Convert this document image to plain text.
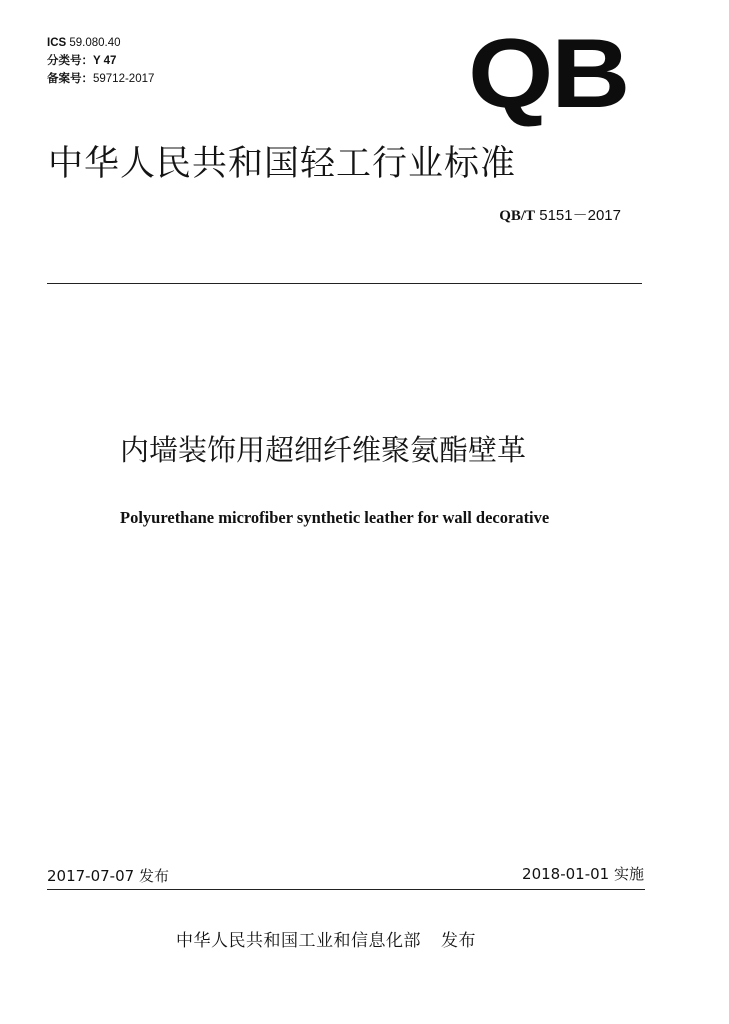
ICS 59.080.40
分类号：Y 47
备案号：59712-2017	QB
中华人民共和国轻工行业标准
QB/T 5151－2017
内墙装饰用超细纤维聚氨酯壁革
Polyurethane microfiber synthetic leather for wall decorative
2017-07-07 发布	2018-01-01 实施
中华人民共和国工业和信息化部 发布
